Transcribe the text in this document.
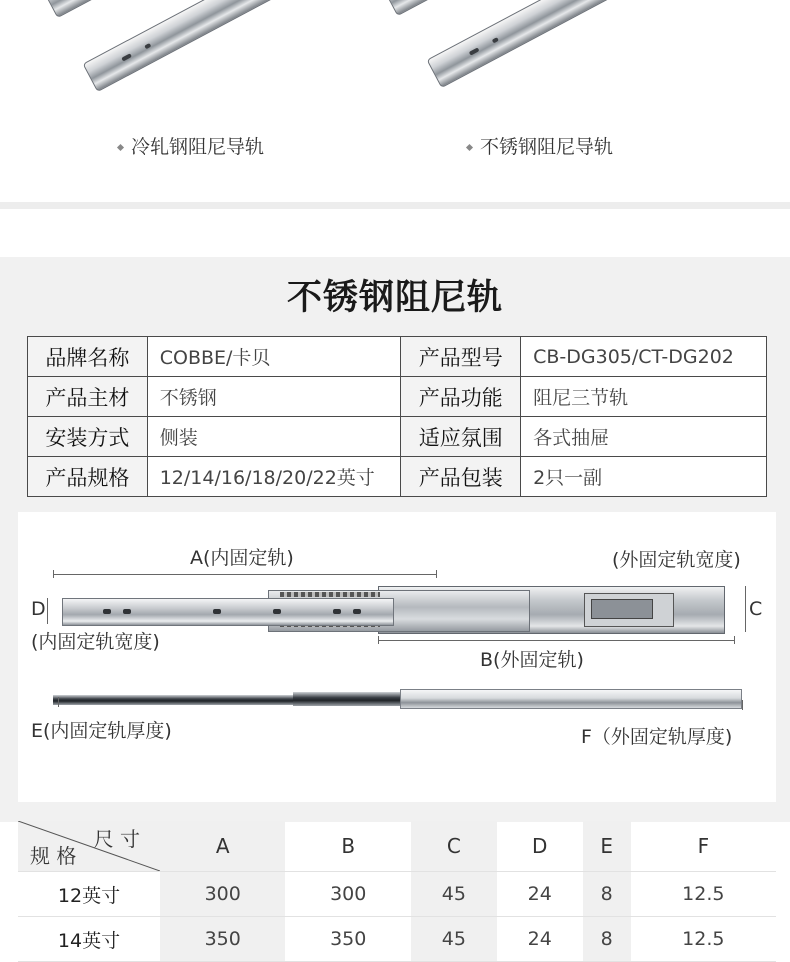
冷轧钢阻尼导轨	不锈钢阻尼导轨
不锈钢阻尼轨
品牌名称	COBBE/卡贝	产品型号	CB-DG305/CT-DG202
产品主材	不锈钢	产品功能	阻尼三节轨
安装方式	侧装	适应氛围	各式抽屉
产品规格	12/14/16/18/20/22英寸	产品包装	2只一副
A(内固定轨)	(外固定轨宽度)
D	C
(内固定轨宽度)
B(外固定轨)
E(内固定轨厚度)	F（外固定轨厚度)
尺 寸
规 格	A	B	C	D	E	F
12英寸	300	300	45	24	8	12.5
14英寸	350	350	45	24	8	12.5
